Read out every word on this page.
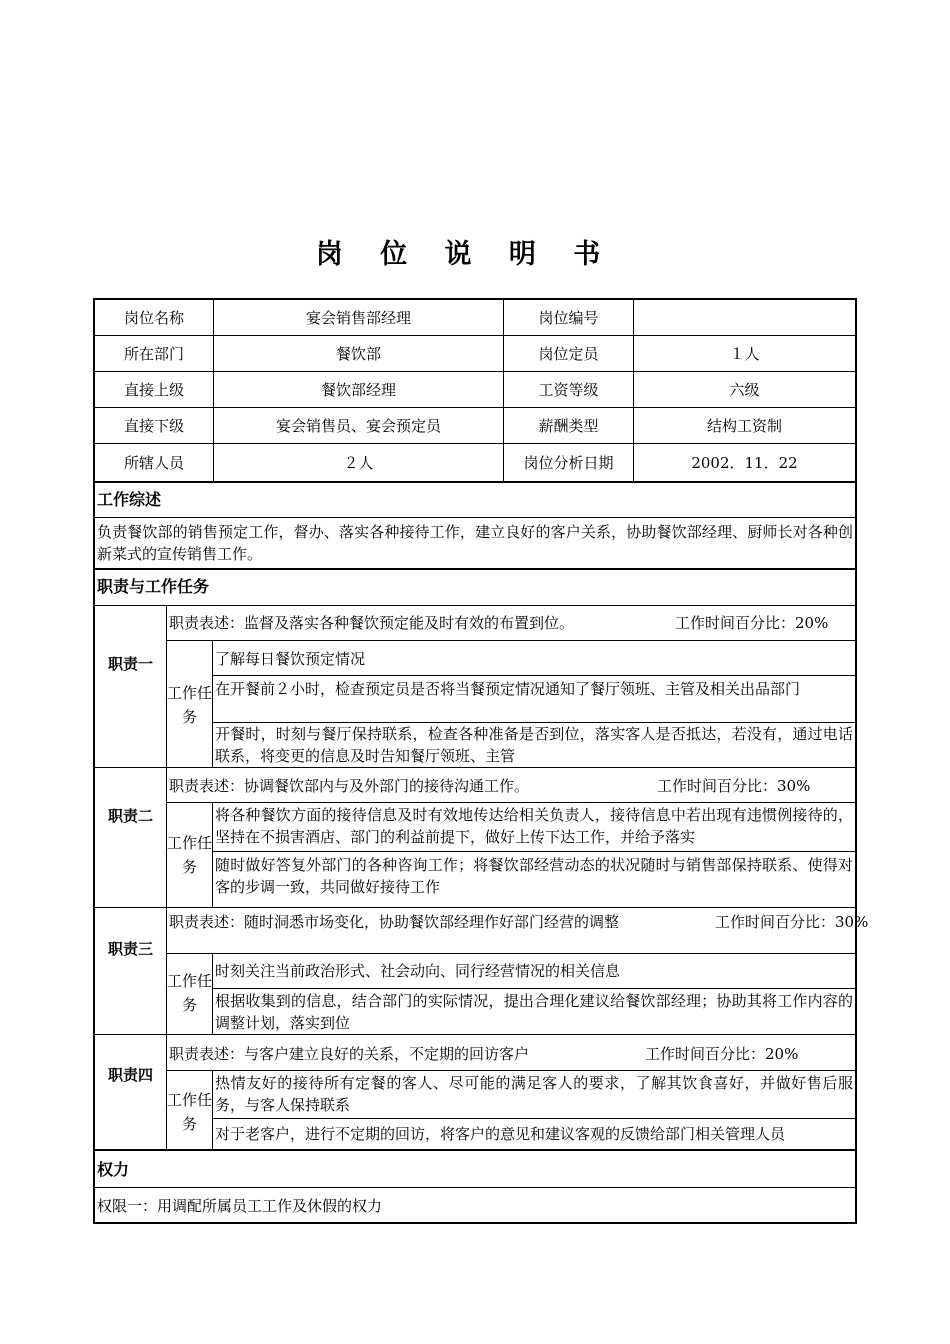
岗 位 说 明 书
岗位名称	宴会销售部经理	岗位编号
所在部门	餐饮部	岗位定员	１人
直接上级	餐饮部经理	工资等级	六级
直接下级	宴会销售员、宴会预定员	薪酬类型	结构工资制
所辖人员	２人	岗位分析日期	2002．11．22
工作综述
负责餐饮部的销售预定工作，督办、落实各种接待工作，建立良好的客户关系，协助餐饮部经理、厨师长对各种创新菜式的宣传销售工作。
职责与工作任务
职责一
职责表述：监督及落实各种餐饮预定能及时有效的布置到位。	工作时间百分比：20%
工作任务
了解每日餐饮预定情况
在开餐前２小时，检查预定员是否将当餐预定情况通知了餐厅领班、主管及相关出品部门
开餐时，时刻与餐厅保持联系，检查各种准备是否到位，落实客人是否抵达，若没有，通过电话联系，将变更的信息及时告知餐厅领班、主管
职责二
职责表述：协调餐饮部内与及外部门的接待沟通工作。	工作时间百分比：30%
工作任务
将各种餐饮方面的接待信息及时有效地传达给相关负责人，接待信息中若出现有违惯例接待的，坚持在不损害酒店、部门的利益前提下，做好上传下达工作，并给予落实
随时做好答复外部门的各种咨询工作；将餐饮部经营动态的状况随时与销售部保持联系、使得对客的步调一致，共同做好接待工作
职责三
职责表述：随时洞悉市场变化，协助餐饮部经理作好部门经营的调整	工作时间百分比：30%
工作任务
时刻关注当前政治形式、社会动向、同行经营情况的相关信息
根据收集到的信息，结合部门的实际情况，提出合理化建议给餐饮部经理；协助其将工作内容的调整计划，落实到位
职责四
职责表述：与客户建立良好的关系，不定期的回访客户	工作时间百分比：20%
工作任务
热情友好的接待所有定餐的客人、尽可能的满足客人的要求，了解其饮食喜好，并做好售后服务，与客人保持联系
对于老客户，进行不定期的回访，将客户的意见和建议客观的反馈给部门相关管理人员
权力
权限一：用调配所属员工工作及休假的权力
